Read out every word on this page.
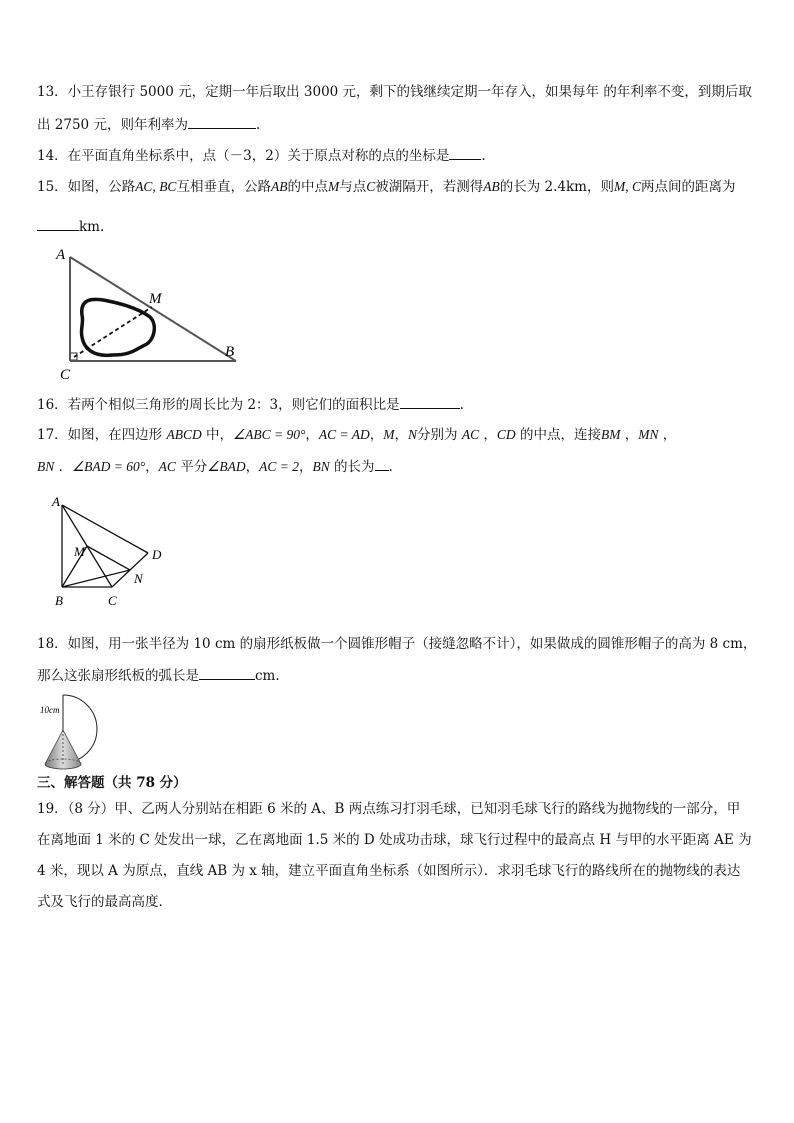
13．小王存银行 5000 元，定期一年后取出 3000 元，剩下的钱继续定期一年存入，如果每年 的年利率不变，到期后取
出 2750 元，则年利率为	.
14．在平面直角坐标系中，点（－3，2）关于原点对称的点的坐标是 .
15．如图，公路AC, BC互相垂直，公路AB的中点M与点C被湖隔开，若测得AB的长为 2.4km，则M, C两点间的距离为
km.
A
M
B
C
16．若两个相似三角形的周长比为 2：3，则它们的面积比是	.
17．如图，在四边形 ABCD 中，∠ABC = 90°，AC = AD，M，N分别为 AC ，CD 的中点，连接BM ，MN ，
BN ．∠BAD = 60°，AC 平分∠BAD，AC = 2，BN 的长为 .
A
M	D
N
B	C
18．如图，用一张半径为 10 cm 的扇形纸板做一个圆锥形帽子（接缝忽略不计），如果做成的圆锥形帽子的高为 8 cm，
那么这张扇形纸板的弧长是	cm.
10cm
三、解答题（共 78 分）
19．（8 分）甲、乙两人分别站在相距 6 米的 A、B 两点练习打羽毛球，已知羽毛球飞行的路线为抛物线的一部分，甲
在离地面 1 米的 C 处发出一球，乙在离地面 1.5 米的 D 处成功击球，球飞行过程中的最高点 H 与甲的水平距离 AE 为
4 米，现以 A 为原点，直线 AB 为 x 轴，建立平面直角坐标系（如图所示）．求羽毛球飞行的路线所在的抛物线的表达
式及飞行的最高高度．
